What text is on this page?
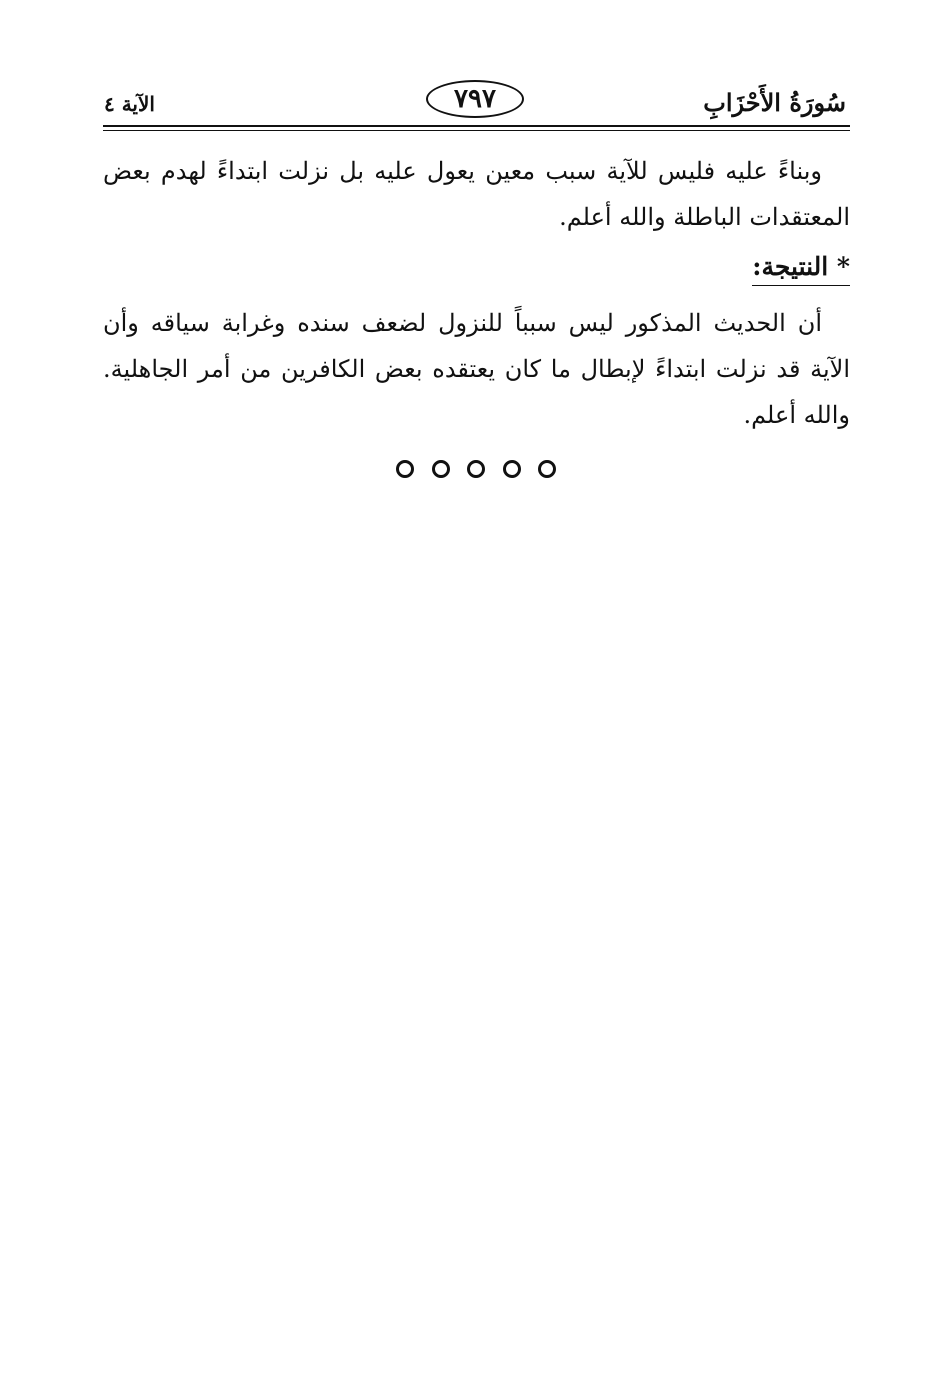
سُورَةُ الأَحْزَابِ
٧٩٧
الآية ٤
وبناءً عليه فليس للآية سبب معين يعول عليه بل نزلت ابتداءً لهدم بعض المعتقدات الباطلة والله أعلم.
* النتيجة:
أن الحديث المذكور ليس سبباً للنزول لضعف سنده وغرابة سياقه وأن الآية قد نزلت ابتداءً لإبطال ما كان يعتقده بعض الكافرين من أمر الجاهلية. والله أعلم.
